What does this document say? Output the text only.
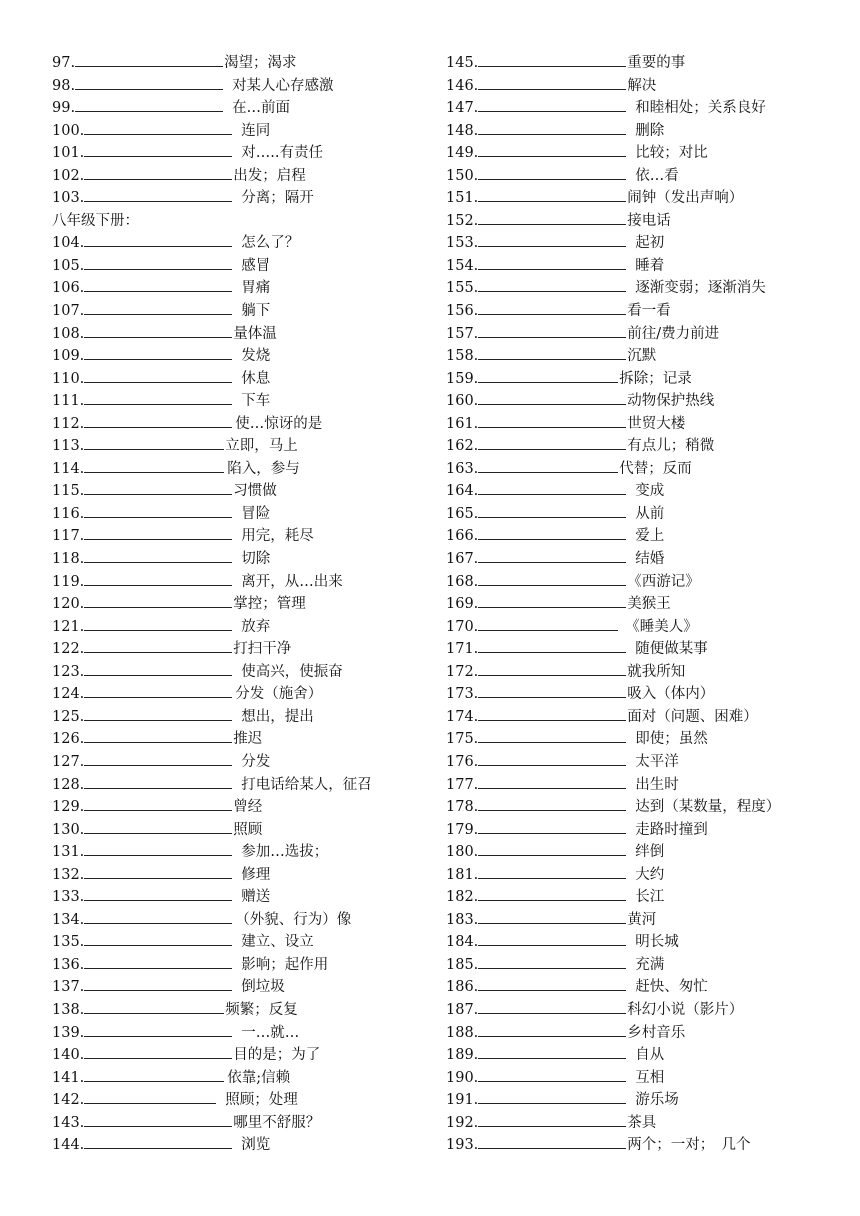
97.	渴望；渴求
98.	对某人心存感激
99.	在…前面
100.	连同
101.	对…..有责任
102.	出发；启程
103.	分离；隔开
八年级下册：
104.	怎么了？
105.	感冒
106.	胃痛
107.	躺下
108.	量体温
109.	发烧
110.	休息
111.	下车
112.	使…惊讶的是
113.	立即，马上
114.	陷入，参与
115.	习惯做
116.	冒险
117.	用完，耗尽
118.	切除
119.	离开，从…出来
120.	掌控；管理
121.	放弃
122.	打扫干净
123.	使高兴，使振奋
124.	分发（施舍）
125.	想出，提出
126.	推迟
127.	分发
128.	打电话给某人，征召
129.	曾经
130.	照顾
131.	参加…选拔；
132.	修理
133.	赠送
134.	（外貌、行为）像
135.	建立、设立
136.	影响；起作用
137.	倒垃圾
138.	频繁；反复
139.	一…就…
140.	目的是；为了
141.	依靠;信赖
142.	照顾；处理
143.	哪里不舒服？
144.	浏览
145.	重要的事
146.	解决
147.	和睦相处；关系良好
148.	删除
149.	比较；对比
150.	依…看
151.	闹钟（发出声响）
152.	接电话
153.	起初
154.	睡着
155.	逐渐变弱；逐渐消失
156.	看一看
157.	前往/费力前进
158.	沉默
159.	拆除；记录
160.	动物保护热线
161.	世贸大楼
162.	有点儿；稍微
163.	代替；反而
164.	变成
165.	从前
166.	爱上
167.	结婚
168.	《西游记》
169.	美猴王
170.	《睡美人》
171.	随便做某事
172.	就我所知
173.	吸入（体内）
174.	面对（问题、困难）
175.	即使；虽然
176.	太平洋
177.	出生时
178.	达到（某数量，程度）
179.	走路时撞到
180.	绊倒
181.	大约
182.	长江
183.	黄河
184.	明长城
185.	充满
186.	赶快、匆忙
187.	科幻小说（影片）
188.	乡村音乐
189.	自从
190.	互相
191.	游乐场
192.	茶具
193.	两个；一对；　几个
